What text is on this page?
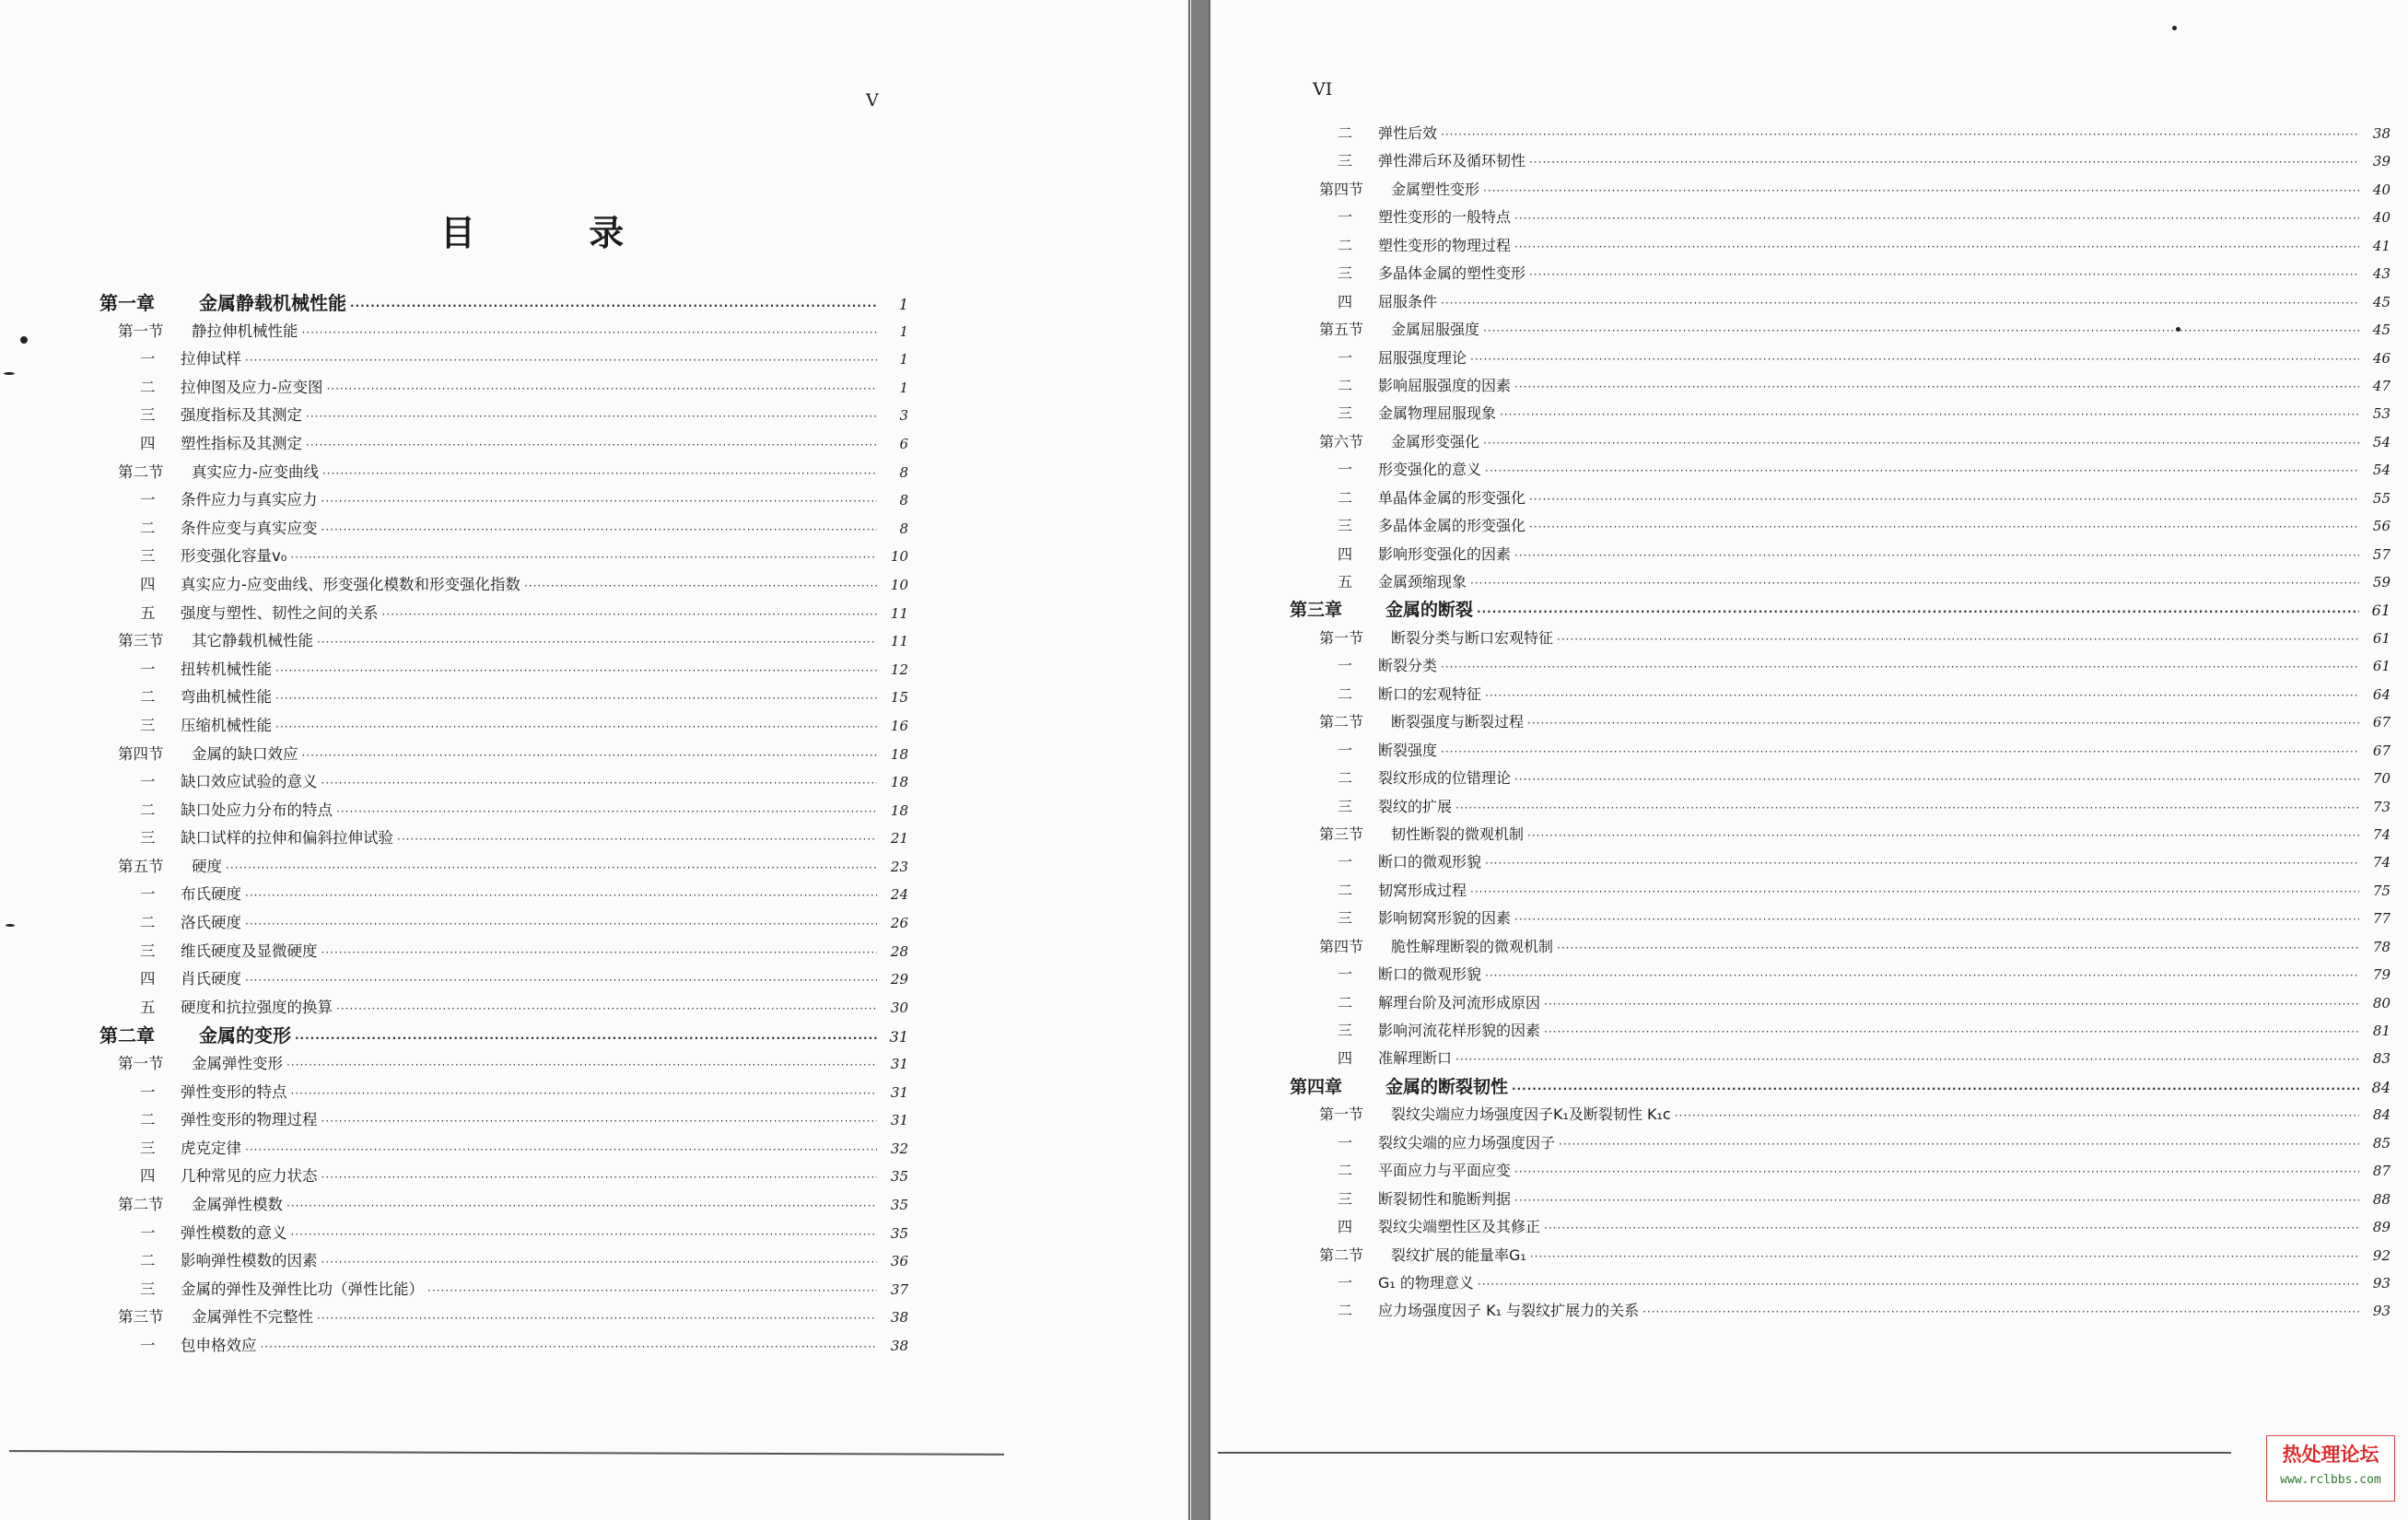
V
目 录
第一章	金属静载机械性能 ·····	1
第一节	静拉伸机械性能 ·····	1
一	拉伸试样 ·····	1
二	拉伸图及应力-应变图 ·····	1
三	强度指标及其测定 ·····	3
四	塑性指标及其测定 ·····	6
第二节	真实应力-应变曲线 ·····	8
一	条件应力与真实应力 ·····	8
二	条件应变与真实应变 ·····	8
三	形变强化容量v₀ ·····	10
四	真实应力-应变曲线、形变强化模数和形变强化指数 ·····	10
五	强度与塑性、韧性之间的关系 ·····	11
第三节	其它静载机械性能 ·····	11
一	扭转机械性能 ·····	12
二	弯曲机械性能 ·····	15
三	压缩机械性能 ·····	16
第四节	金属的缺口效应 ·····	18
一	缺口效应试验的意义 ·····	18
二	缺口处应力分布的特点 ·····	18
三	缺口试样的拉伸和偏斜拉伸试验 ·····	21
第五节	硬度 ·····	23
一	布氏硬度 ·····	24
二	洛氏硬度 ·····	26
三	维氏硬度及显微硬度 ·····	28
四	肖氏硬度 ·····	29
五	硬度和抗拉强度的换算 ·····	30
第二章	金属的变形 ·····	31
第一节	金属弹性变形 ·····	31
一	弹性变形的特点 ·····	31
二	弹性变形的物理过程 ·····	31
三	虎克定律 ·····	32
四	几种常见的应力状态 ·····	35
第二节	金属弹性模数 ·····	35
一	弹性模数的意义 ·····	35
二	影响弹性模数的因素 ·····	36
三	金属的弹性及弹性比功（弹性比能） ·····	37
第三节	金属弹性不完整性 ·····	38
一	包申格效应 ·····	38
VI
二	弹性后效 ·····	38
三	弹性滞后环及循环韧性 ·····	39
第四节	金属塑性变形 ·····	40
一	塑性变形的一般特点 ·····	40
二	塑性变形的物理过程 ·····	41
三	多晶体金属的塑性变形 ·····	43
四	屈服条件 ·····	45
第五节	金属屈服强度 ·····	45
一	屈服强度理论 ·····	46
二	影响屈服强度的因素 ·····	47
三	金属物理屈服现象 ·····	53
第六节	金属形变强化 ·····	54
一	形变强化的意义 ·····	54
二	单晶体金属的形变强化 ·····	55
三	多晶体金属的形变强化 ·····	56
四	影响形变强化的因素 ·····	57
五	金属颈缩现象 ·····	59
第三章	金属的断裂 ·····	61
第一节	断裂分类与断口宏观特征 ·····	61
一	断裂分类 ·····	61
二	断口的宏观特征 ·····	64
第二节	断裂强度与断裂过程 ·····	67
一	断裂强度 ·····	67
二	裂纹形成的位错理论 ·····	70
三	裂纹的扩展 ·····	73
第三节	韧性断裂的微观机制 ·····	74
一	断口的微观形貌 ·····	74
二	韧窝形成过程 ·····	75
三	影响韧窝形貌的因素 ·····	77
第四节	脆性解理断裂的微观机制 ·····	78
一	断口的微观形貌 ·····	79
二	解理台阶及河流形成原因 ·····	80
三	影响河流花样形貌的因素 ·····	81
四	准解理断口 ·····	83
第四章	金属的断裂韧性 ·····	84
第一节	裂纹尖端应力场强度因子K₁及断裂韧性 K₁c ·····	84
一	裂纹尖端的应力场强度因子 ·····	85
二	平面应力与平面应变 ·····	87
三	断裂韧性和脆断判据 ·····	88
四	裂纹尖端塑性区及其修正 ·····	89
第二节	裂纹扩展的能量率G₁ ·····	92
一	G₁ 的物理意义 ·····	93
二	应力场强度因子 K₁ 与裂纹扩展力的关系 ·····	93
热处理论坛
www.rclbbs.com
